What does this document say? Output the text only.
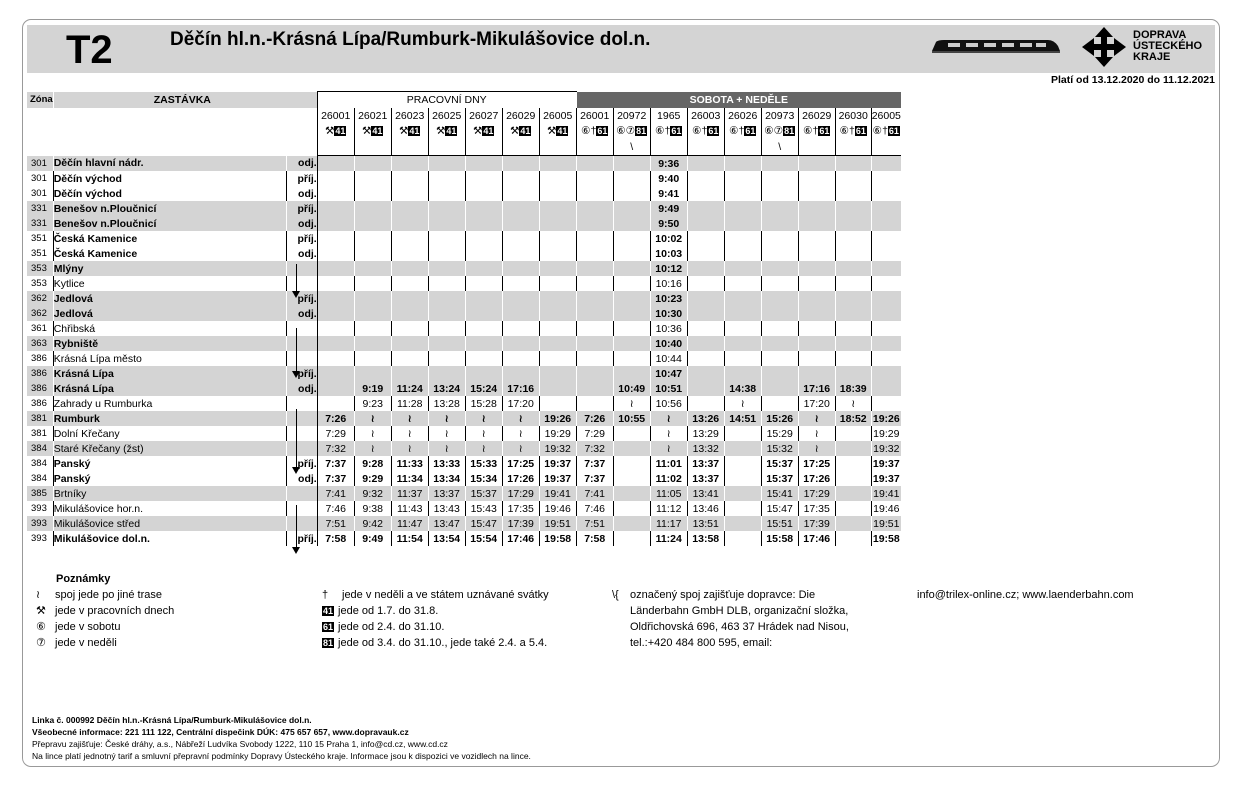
T2	Děčín hl.n.-Krásná Lípa/Rumburk-Mikulášovice dol.n.	DOPRAVA
ÚSTECKÉHO
KRAJE
Platí od 13.12.2020 do 11.12.2021
Zóna	ZASTÁVKA		PRACOVNÍ DNY							SOBOTA + NEDĚLE								
			26001	26021	26023	26025	26027	26029	26005	26001	20972	1965	26003	26026	20973	26029	26030	26005
			⚒41	⚒41	⚒41	⚒41	⚒41	⚒41	⚒41	⑥†61	⑥⑦81	⑥†61	⑥†61	⑥†61	⑥⑦81	⑥†61	⑥†61	⑥†61
											\				\			
301	Děčín hlavní nádr.	odj.										9:36						
301	Děčín východ	příj.										9:40						
301	Děčín východ	odj.										9:41						
331	Benešov n.Ploučnicí	příj.										9:49						
331	Benešov n.Ploučnicí	odj.										9:50						
351	Česká Kamenice	příj.										10:02						
351	Česká Kamenice	odj.										10:03						
353	Mlýny											10:12						
353	Kytlice											10:16						
362	Jedlová	příj.										10:23						
362	Jedlová	odj.										10:30						
361	Chřibská											10:36						
363	Rybniště											10:40						
386	Krásná Lípa město											10:44						
386	Krásná Lípa	příj.										10:47						
386	Krásná Lípa	odj.		9:19	11:24	13:24	15:24	17:16			10:49	10:51		14:38		17:16	18:39	
386	Zahrady u Rumburka			9:23	11:28	13:28	15:28	17:20			≀	10:56		≀		17:20	≀	
381	Rumburk		7:26	≀	≀	≀	≀	≀	19:26	7:26	10:55	≀	13:26	14:51	15:26	≀	18:52	19:26
381	Dolní Křečany		7:29	≀	≀	≀	≀	≀	19:29	7:29		≀	13:29		15:29	≀		19:29
384	Staré Křečany (žst)		7:32	≀	≀	≀	≀	≀	19:32	7:32		≀	13:32		15:32	≀		19:32
384	Panský	příj.	7:37	9:28	11:33	13:33	15:33	17:25	19:37	7:37		11:01	13:37		15:37	17:25		19:37
384	Panský	odj.	7:37	9:29	11:34	13:34	15:34	17:26	19:37	7:37		11:02	13:37		15:37	17:26		19:37
385	Brtníky		7:41	9:32	11:37	13:37	15:37	17:29	19:41	7:41		11:05	13:41		15:41	17:29		19:41
393	Mikulášovice hor.n.		7:46	9:38	11:43	13:43	15:43	17:35	19:46	7:46		11:12	13:46		15:47	17:35		19:46
393	Mikulášovice střed		7:51	9:42	11:47	13:47	15:47	17:39	19:51	7:51		11:17	13:51		15:51	17:39		19:51
393	Mikulášovice dol.n.	příj.	7:58	9:49	11:54	13:54	15:54	17:46	19:58	7:58		11:24	13:58		15:58	17:46		19:58
Poznámky
≀ spoj jede po jiné trase
⚒ jede v pracovních dnech
⑥ jede v sobotu
⑦ jede v neděli
† jede v neděli a ve státem uznávané svátky
41 jede od 1.7. do 31.8.
61 jede od 2.4. do 31.10.
81 jede od 3.4. do 31.10., jede také 2.4. a 5.4.
\{ označený spoj zajišťuje dopravce: Die
Länderbahn GmbH DLB, organizační složka,
Oldřichovská 696, 463 37 Hrádek nad Nisou,
tel.:+420 484 800 595, email:
info@trilex-online.cz; www.laenderbahn.com
Linka č. 000992 Děčín hl.n.-Krásná Lípa/Rumburk-Mikulášovice dol.n.
Všeobecné informace: 221 111 122, Centrální dispečink DÚK: 475 657 657, www.dopravauk.cz
Přepravu zajišťuje: České dráhy, a.s., Nábřeží Ludvíka Svobody 1222, 110 15 Praha 1, info@cd.cz, www.cd.cz
Na lince platí jednotný tarif a smluvní přepravní podmínky Dopravy Ústeckého kraje. Informace jsou k dispozici ve vozidlech na lince.
